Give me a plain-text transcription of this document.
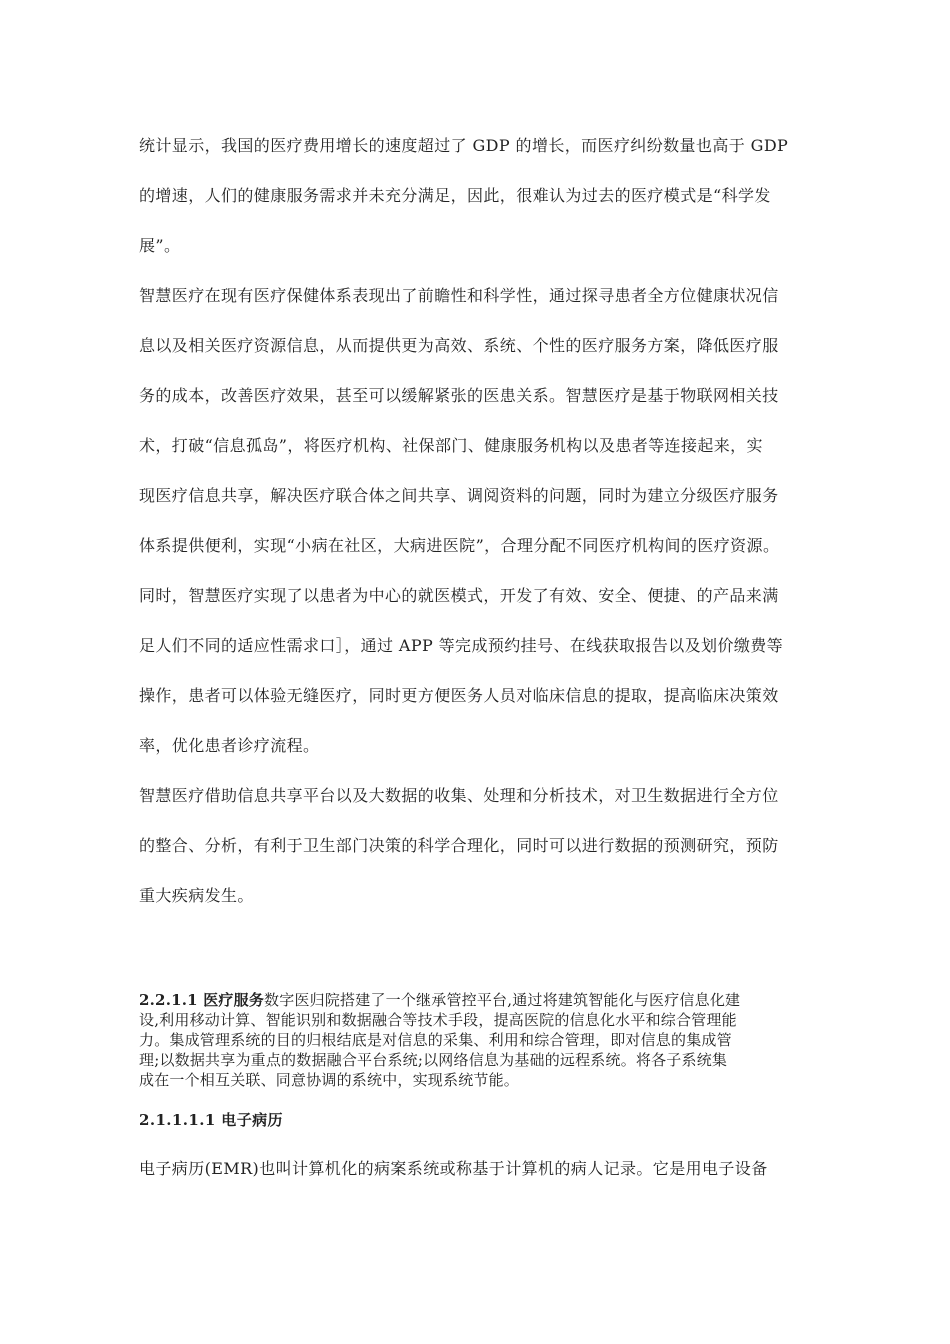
统计显示，我国的医疗费用增长的速度超过了 GDP 的增长，而医疗纠纷数量也高于 GDP
的增速，人们的健康服务需求并未充分满足，因此，很难认为过去的医疗模式是“科学发
展”。
智慧医疗在现有医疗保健体系表现出了前瞻性和科学性，通过探寻患者全方位健康状况信
息以及相关医疗资源信息，从而提供更为高效、系统、个性的医疗服务方案，降低医疗服
务的成本，改善医疗效果，甚至可以缓解紧张的医患关系。智慧医疗是基于物联网相关技
术，打破“信息孤岛”，将医疗机构、社保部门、健康服务机构以及患者等连接起来，实
现医疗信息共享，解决医疗联合体之间共享、调阅资料的问题，同时为建立分级医疗服务
体系提供便利，实现“小病在社区，大病进医院”，合理分配不同医疗机构间的医疗资源。
同时，智慧医疗实现了以患者为中心的就医模式，开发了有效、安全、便捷、的产品来满
足人们不同的适应性需求口］，通过 APP 等完成预约挂号、在线获取报告以及划价缴费等
操作，患者可以体验无缝医疗，同时更方便医务人员对临床信息的提取，提高临床决策效
率，优化患者诊疗流程。
智慧医疗借助信息共享平台以及大数据的收集、处理和分析技术，对卫生数据进行全方位
的整合、分析，有利于卫生部门决策的科学合理化，同时可以进行数据的预测研究，预防
重大疾病发生。
2.2.1.1 医疗服务数字医归院搭建了一个继承管控平台,通过将建筑智能化与医疗信息化建
设,利用移动计算、智能识别和数据融合等技术手段，提高医院的信息化水平和综合管理能
力。集成管理系统的目的归根结底是对信息的采集、利用和综合管理，即对信息的集成管
理;以数据共享为重点的数据融合平台系统;以网络信息为基础的远程系统。将各子系统集
成在一个相互关联、同意协调的系统中，实现系统节能。
2.1.1.1.1 电子病历
电子病历(EMR)也叫计算机化的病案系统或称基于计算机的病人记录。它是用电子设备
